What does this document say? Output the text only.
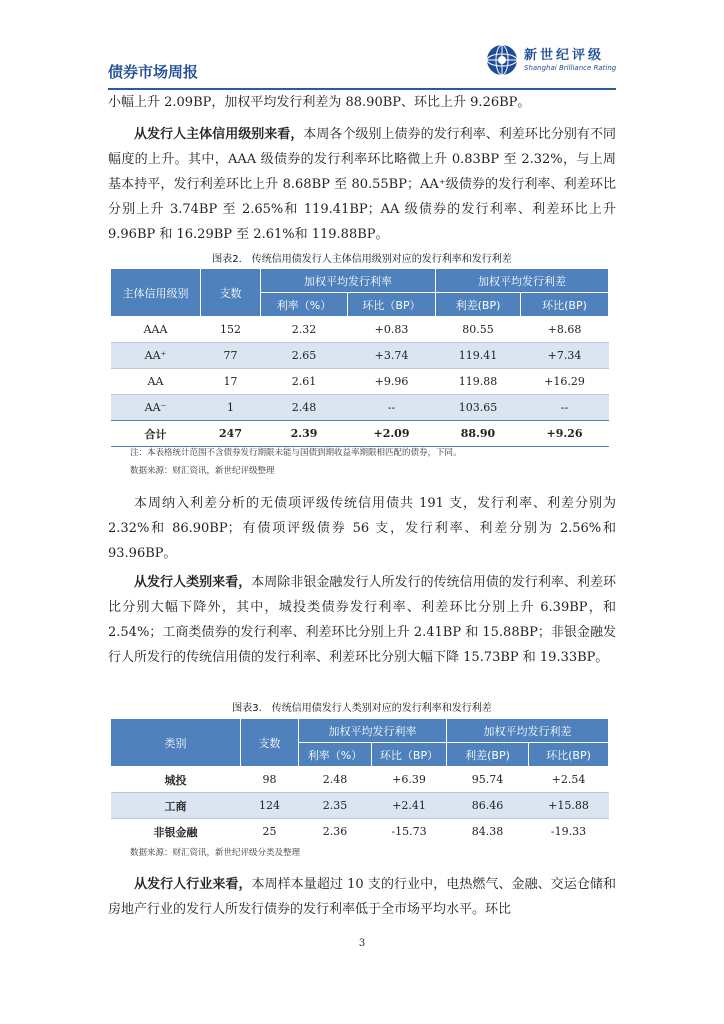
债券市场周报
新世纪评级
Shanghai Brilliance Rating

小幅上升 2.09BP，加权平均发行利差为 88.90BP、环比上升 9.26BP。

从发行人主体信用级别来看，本周各个级别上债券的发行利率、利差环比分别有不同幅度的上升。其中，AAA 级债券的发行利率环比略微上升 0.83BP 至 2.32%，与上周基本持平，发行利差环比上升 8.68BP 至 80.55BP；AA⁺级债券的发行利率、利差环比分别上升 3.74BP 至 2.65%和 119.41BP；AA 级债券的发行利率、利差环比上升 9.96BP 和 16.29BP 至 2.61%和 119.88BP。

图表2. 传统信用债发行人主体信用级别对应的发行利率和发行利差
主体信用级别	支数	加权平均发行利率		加权平均发行利差	
		利率（%）	环比（BP）	利差(BP)	环比(BP)
AAA	152	2.32	+0.83	80.55	+8.68
AA⁺	77	2.65	+3.74	119.41	+7.34
AA	17	2.61	+9.96	119.88	+16.29
AA⁻	1	2.48	--	103.65	--
合计	247	2.39	+2.09	88.90	+9.26
注：本表格统计范围不含债券发行期限未能与国债到期收益率期限相匹配的债券，下同。
数据来源：财汇资讯，新世纪评级整理

本周纳入利差分析的无债项评级传统信用债共 191 支，发行利率、利差分别为 2.32%和 86.90BP；有债项评级债券 56 支，发行利率、利差分别为 2.56%和 93.96BP。

从发行人类别来看，本周除非银金融发行人所发行的传统信用债的发行利率、利差环比分别大幅下降外，其中，城投类债券发行利率、利差环比分别上升 6.39BP，和 2.54%；工商类债券的发行利率、利差环比分别上升 2.41BP 和 15.88BP；非银金融发行人所发行的传统信用债的发行利率、利差环比分别大幅下降 15.73BP 和 19.33BP。

图表3. 传统信用债发行人类别对应的发行利率和发行利差
类别	支数	加权平均发行利率		加权平均发行利差	
		利率（%）	环比（BP）	利差(BP)	环比(BP)
城投	98	2.48	+6.39	95.74	+2.54
工商	124	2.35	+2.41	86.46	+15.88
非银金融	25	2.36	-15.73	84.38	-19.33
数据来源：财汇资讯，新世纪评级分类及整理

从发行人行业来看，本周样本量超过 10 支的行业中，电热燃气、金融、交运仓储和房地产行业的发行人所发行债券的发行利率低于全市场平均水平。环比

3
